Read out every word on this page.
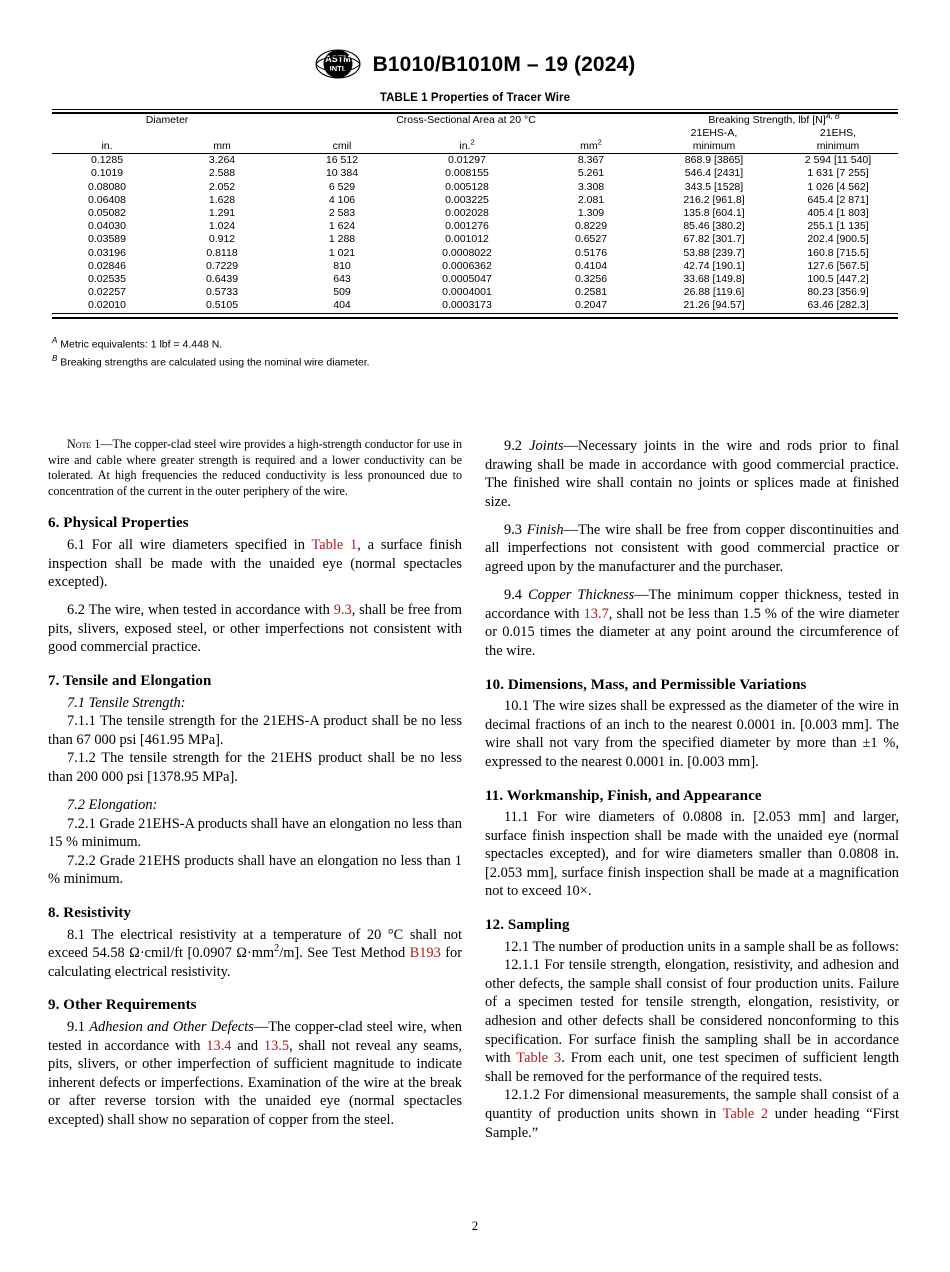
ASTM
INTL B1010/B1010M – 19 (2024)
TABLE 1 Properties of Tracer Wire

Diameter		Cross-Sectional Area at 20 °C			Breaking Strength, lbf $[N]^{A, B}$
					21EHS-A,	21EHS,
in.	mm	cmil	in.$^2$	$mm^2$	minimum	minimum

0.1285	3.264	16 512	0.01297	8.367	868.9 [3865]	2 594 [11 540]
0.1019	2.588	10 384	0.008155	5.261	546.4 [2431]	1 631 [7 255]
0.08080	2.052	6 529	0.005128	3.308	343.5 [1528]	1 026 [4 562]
0.06408	1.628	4 106	0.003225	2.081	216.2 [961.8]	645.4 [2 871]
0.05082	1.291	2 583	0.002028	1.309	135.8 [604.1]	405.4 [1 803]
0.04030	1.024	1 624	0.001276	0.8229	85.46 [380.2]	255.1 [1 135]
0.03589	0.912	1 288	0.001012	0.6527	67.82 [301.7]	202.4 [900.5]
0.03196	0.8118	1 021	0.0008022	0.5176	53.88 [239.7]	160.8 [715.5]
0.02846	0.7229	810	0.0006362	0.4104	42.74 [190.1]	127.6 [567.5]
0.02535	0.6439	643	0.0005047	0.3256	33.68 [149.8]	100.5 [447.2]
0.02257	0.5733	509	0.0004001	0.2581	26.88 [119.6]	80.23 [356.9]
0.02010	0.5105	404	0.0003173	0.2047	21.26 [94.57]	63.46 [282.3]

$^A$ Metric equivalents: 1 lbf = 4.448 N.
$^B$ Breaking strengths are calculated using the nominal wire diameter.

Note 1—The copper-clad steel wire provides a high-strength conductor for use in wire and cable where greater strength is required and a lower conductivity can be tolerated. At high frequencies the reduced conductivity is less pronounced due to concentration of the current in the outer periphery of the wire.

6. Physical Properties

6.1 For all wire diameters specified in Table 1, a surface finish inspection shall be made with the unaided eye (normal spectacles excepted).

6.2 The wire, when tested in accordance with 9.3, shall be free from pits, slivers, exposed steel, or other imperfections not consistent with good commercial practice.

7. Tensile and Elongation

7.1 Tensile Strength:

7.1.1 The tensile strength for the 21EHS-A product shall be no less than 67 000 psi [461.95 MPa].

7.1.2 The tensile strength for the 21EHS product shall be no less than 200 000 psi [1378.95 MPa].

7.2 Elongation:

7.2.1 Grade 21EHS-A products shall have an elongation no less than 15 % minimum.

7.2.2 Grade 21EHS products shall have an elongation no less than 1 % minimum.

8. Resistivity

8.1 The electrical resistivity at a temperature of 20 °C shall not exceed 54.58 Ω·cmil/ft [0.0907 $\Omega\cdot mm^2/m$]. See Test Method B193 for calculating electrical resistivity.

9. Other Requirements

9.1 Adhesion and Other Defects—The copper-clad steel wire, when tested in accordance with 13.4 and 13.5, shall not reveal any seams, pits, slivers, or other imperfection of sufficient magnitude to indicate inherent defects or imperfections. Examination of the wire at the break or after reverse torsion with the unaided eye (normal spectacles excepted) shall show no separation of copper from the steel.

9.2 Joints—Necessary joints in the wire and rods prior to final drawing shall be made in accordance with good commercial practice. The finished wire shall contain no joints or splices made at finished size.

9.3 Finish—The wire shall be free from copper discontinuities and all imperfections not consistent with good commercial practice or agreed upon by the manufacturer and the purchaser.

9.4 Copper Thickness—The minimum copper thickness, tested in accordance with 13.7, shall not be less than 1.5 % of the wire diameter or 0.015 times the diameter at any point around the circumference of the wire.

10. Dimensions, Mass, and Permissible Variations

10.1 The wire sizes shall be expressed as the diameter of the wire in decimal fractions of an inch to the nearest 0.0001 in. [0.003 mm]. The wire shall not vary from the specified diameter by more than ±1 %, expressed to the nearest 0.0001 in. [0.003 mm].

11. Workmanship, Finish, and Appearance

11.1 For wire diameters of 0.0808 in. [2.053 mm] and larger, surface finish inspection shall be made with the unaided eye (normal spectacles excepted), and for wire diameters smaller than 0.0808 in. [2.053 mm], surface finish inspection shall be made at a magnification not to exceed 10×.

12. Sampling

12.1 The number of production units in a sample shall be as follows:

12.1.1 For tensile strength, elongation, resistivity, and adhesion and other defects, the sample shall consist of four production units. Failure of a specimen tested for tensile strength, elongation, resistivity, or adhesion and other defects shall be considered nonconforming to this specification. For surface finish the sampling shall be in accordance with Table 3. From each unit, one test specimen of sufficient length shall be removed for the performance of the required tests.

12.1.2 For dimensional measurements, the sample shall consist of a quantity of production units shown in Table 2 under heading “First Sample.”

2
